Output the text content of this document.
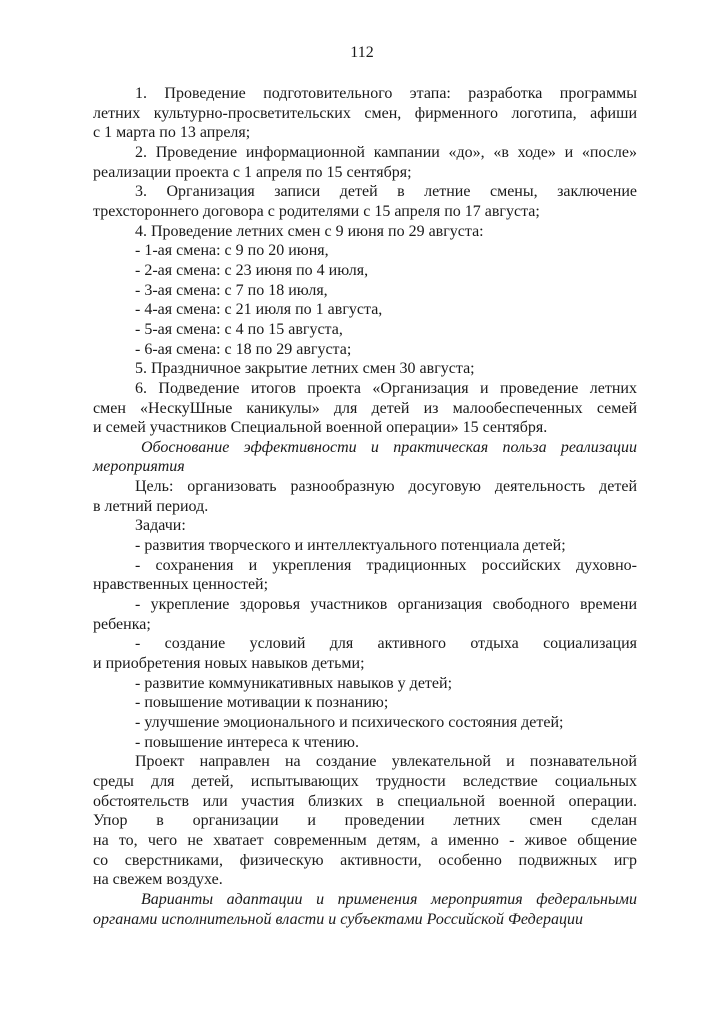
112
1. Проведение подготовительного этапа: разработка программы
летних культурно-просветительских смен, фирменного логотипа, афиши
с 1 марта по 13 апреля;
2. Проведение информационной кампании «до», «в ходе» и «после»
реализации проекта с 1 апреля по 15 сентября;
3. Организация записи детей в летние смены, заключение
трехстороннего договора с родителями с 15 апреля по 17 августа;
4. Проведение летних смен с 9 июня по 29 августа:
- 1-ая смена: с 9 по 20 июня,
- 2-ая смена: с 23 июня по 4 июля,
- 3-ая смена: с 7 по 18 июля,
- 4-ая смена: с 21 июля по 1 августа,
- 5-ая смена: с 4 по 15 августа,
- 6-ая смена: с 18 по 29 августа;
5. Праздничное закрытие летних смен 30 августа;
6. Подведение итогов проекта «Организация и проведение летних
смен «НескуШные каникулы» для детей из малообеспеченных семей
и семей участников Специальной военной операции» 15 сентября.
Обоснование эффективности и практическая польза реализации
мероприятия
Цель: организовать разнообразную досуговую деятельность детей
в летний период.
Задачи:
- развития творческого и интеллектуального потенциала детей;
- сохранения и укрепления традиционных российских духовно-
нравственных ценностей;
- укрепление здоровья участников организация свободного времени
ребенка;
- создание условий для активного отдыха социализация
и приобретения новых навыков детьми;
- развитие коммуникативных навыков у детей;
- повышение мотивации к познанию;
- улучшение эмоционального и психического состояния детей;
- повышение интереса к чтению.
Проект направлен на создание увлекательной и познавательной
среды для детей, испытывающих трудности вследствие социальных
обстоятельств или участия близких в специальной военной операции.
Упор в организации и проведении летних смен сделан
на то, чего не хватает современным детям, а именно - живое общение
со сверстниками, физическую активности, особенно подвижных игр
на свежем воздухе.
Варианты адаптации и применения мероприятия федеральными
органами исполнительной власти и субъектами Российской Федерации
